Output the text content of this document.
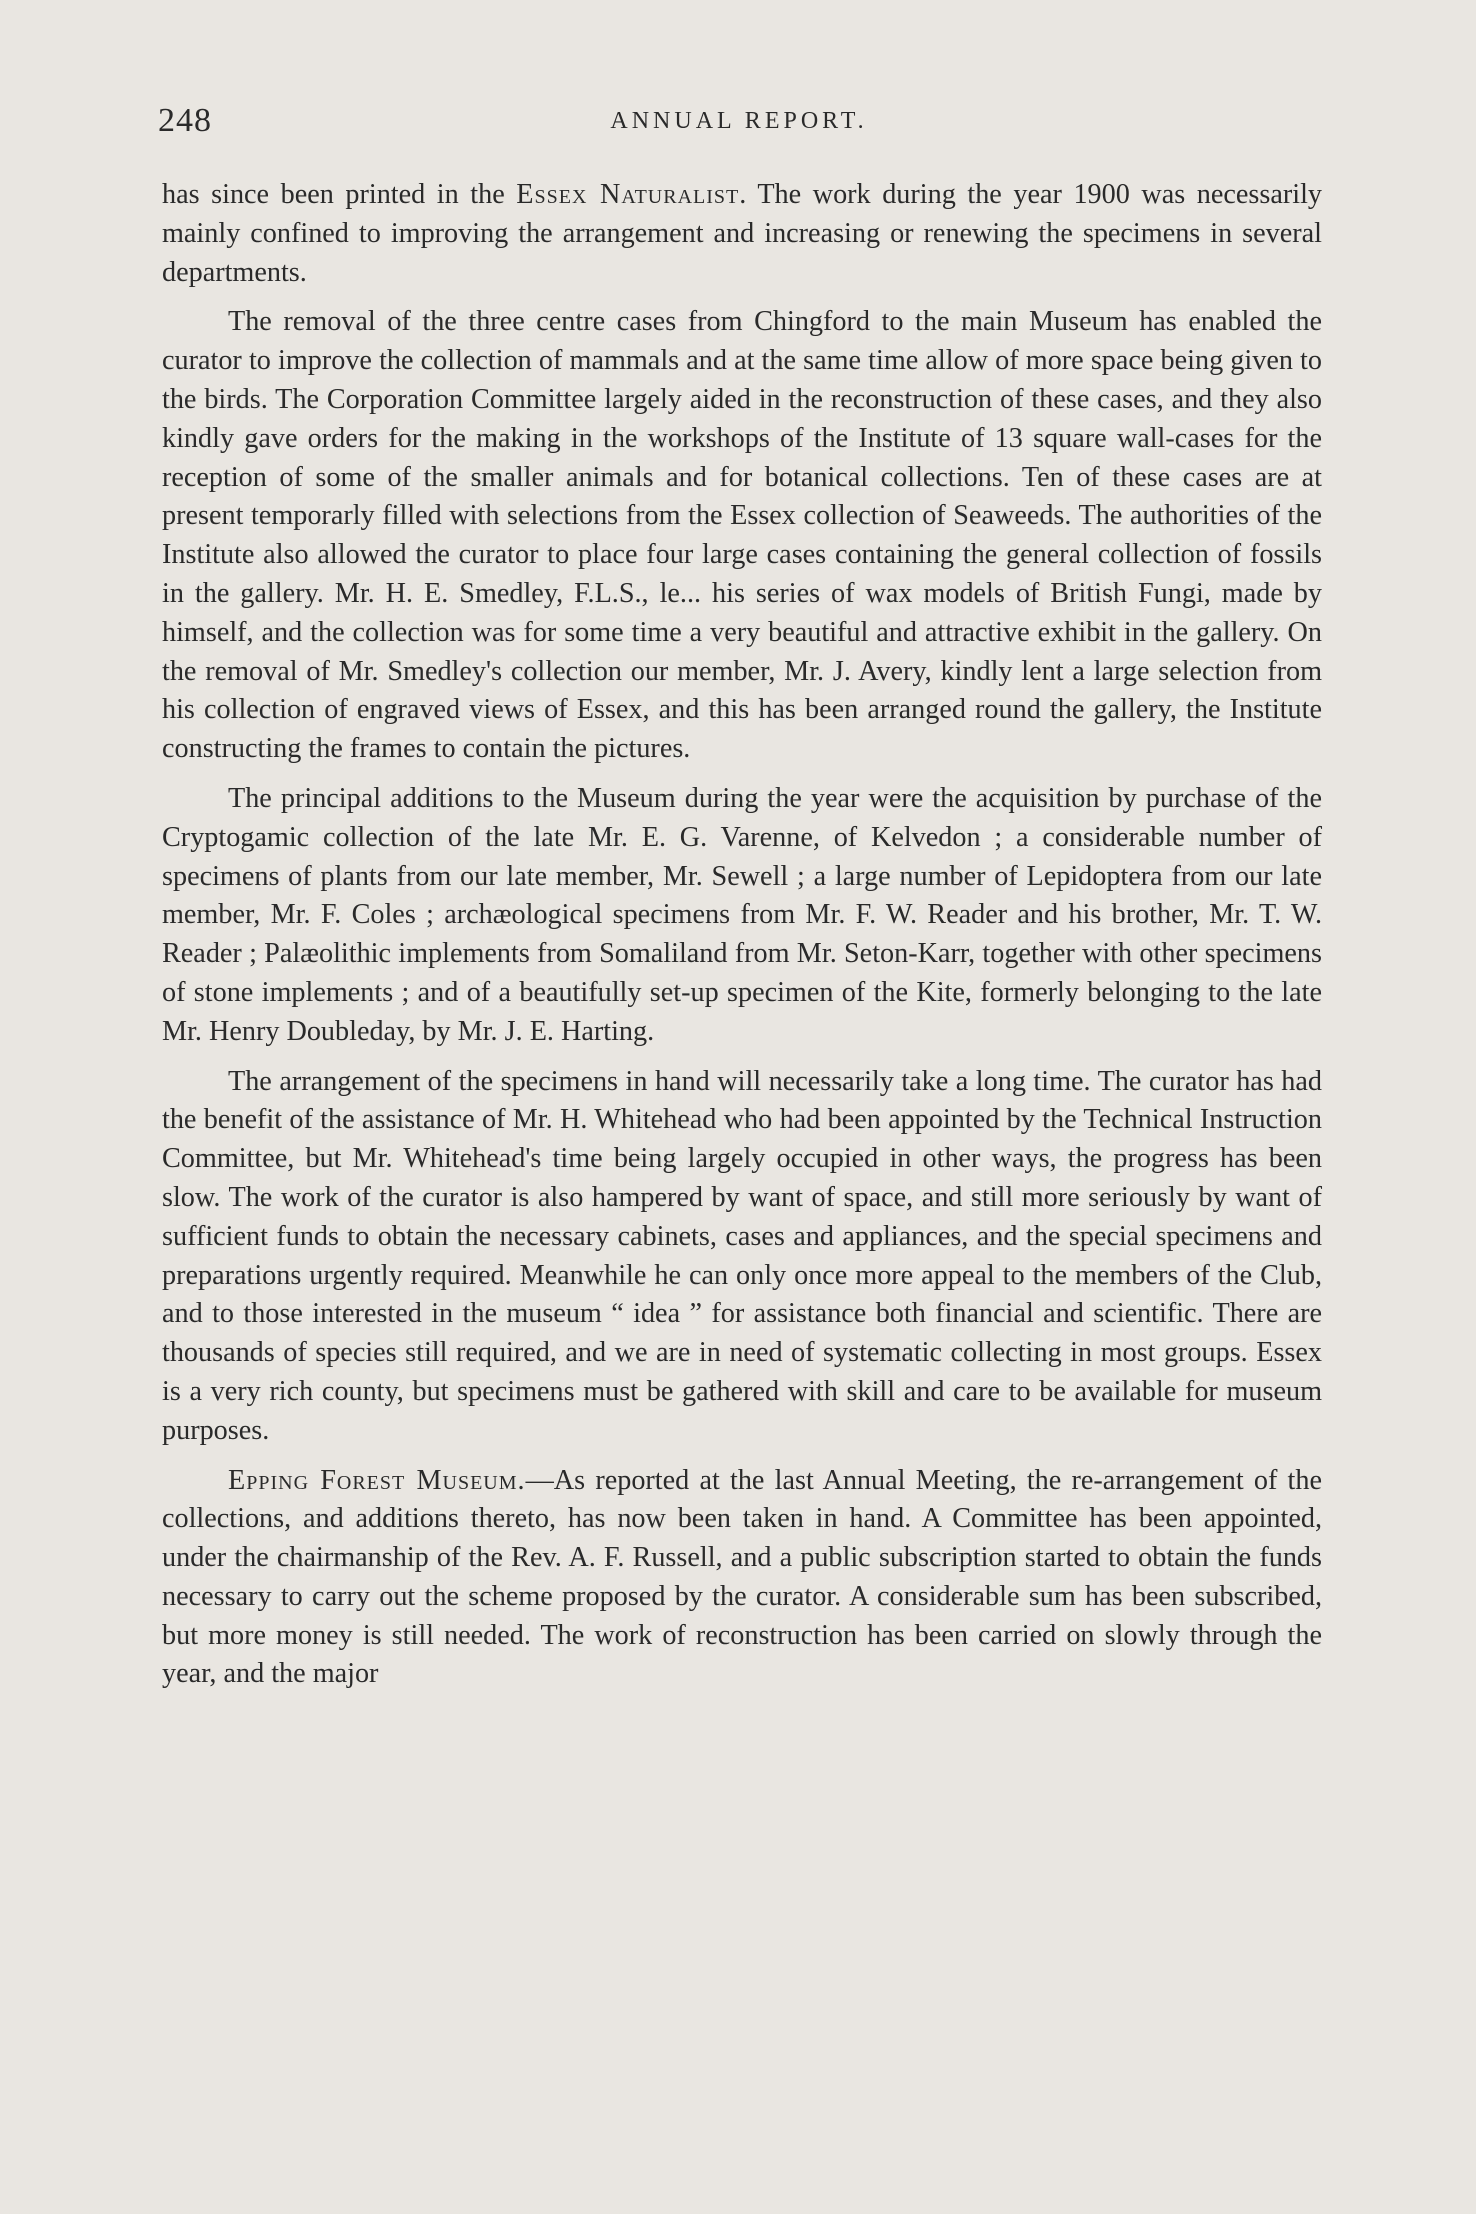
248	ANNUAL REPORT.

has since been printed in the Essex Naturalist. The work during the year 1900 was necessarily mainly confined to improving the arrangement and increasing or renewing the specimens in several departments.

The removal of the three centre cases from Chingford to the main Museum has enabled the curator to improve the collection of mammals and at the same time allow of more space being given to the birds. The Corporation Committee largely aided in the reconstruction of these cases, and they also kindly gave orders for the making in the workshops of the Institute of 13 square wall-cases for the reception of some of the smaller animals and for botanical collections. Ten of these cases are at present temporarly filled with selections from the Essex collection of Seaweeds. The authorities of the Institute also allowed the curator to place four large cases containing the general collection of fossils in the gallery. Mr. H. E. Smedley, F.L.S., le... his series of wax models of British Fungi, made by himself, and the collection was for some time a very beautiful and attractive exhibit in the gallery. On the removal of Mr. Smedley's collection our member, Mr. J. Avery, kindly lent a large selection from his collection of engraved views of Essex, and this has been arranged round the gallery, the Institute constructing the frames to contain the pictures.

The principal additions to the Museum during the year were the acquisition by purchase of the Cryptogamic collection of the late Mr. E. G. Varenne, of Kelvedon ; a considerable number of specimens of plants from our late member, Mr. Sewell ; a large number of Lepidoptera from our late member, Mr. F. Coles ; archæological specimens from Mr. F. W. Reader and his brother, Mr. T. W. Reader ; Palæolithic implements from Somaliland from Mr. Seton-Karr, together with other specimens of stone implements ; and of a beautifully set-up specimen of the Kite, formerly belonging to the late Mr. Henry Doubleday, by Mr. J. E. Harting.

The arrangement of the specimens in hand will necessarily take a long time. The curator has had the benefit of the assistance of Mr. H. Whitehead who had been appointed by the Technical Instruction Committee, but Mr. Whitehead's time being largely occupied in other ways, the progress has been slow. The work of the curator is also hampered by want of space, and still more seriously by want of sufficient funds to obtain the necessary cabinets, cases and appliances, and the special specimens and preparations urgently required. Meanwhile he can only once more appeal to the members of the Club, and to those interested in the museum “ idea ” for assistance both financial and scientific. There are thousands of species still required, and we are in need of systematic collecting in most groups. Essex is a very rich county, but specimens must be gathered with skill and care to be available for museum purposes.

Epping Forest Museum.—As reported at the last Annual Meeting, the re-arrangement of the collections, and additions thereto, has now been taken in hand. A Committee has been appointed, under the chairmanship of the Rev. A. F. Russell, and a public subscription started to obtain the funds necessary to carry out the scheme proposed by the curator. A considerable sum has been subscribed, but more money is still needed. The work of reconstruction has been carried on slowly through the year, and the major
